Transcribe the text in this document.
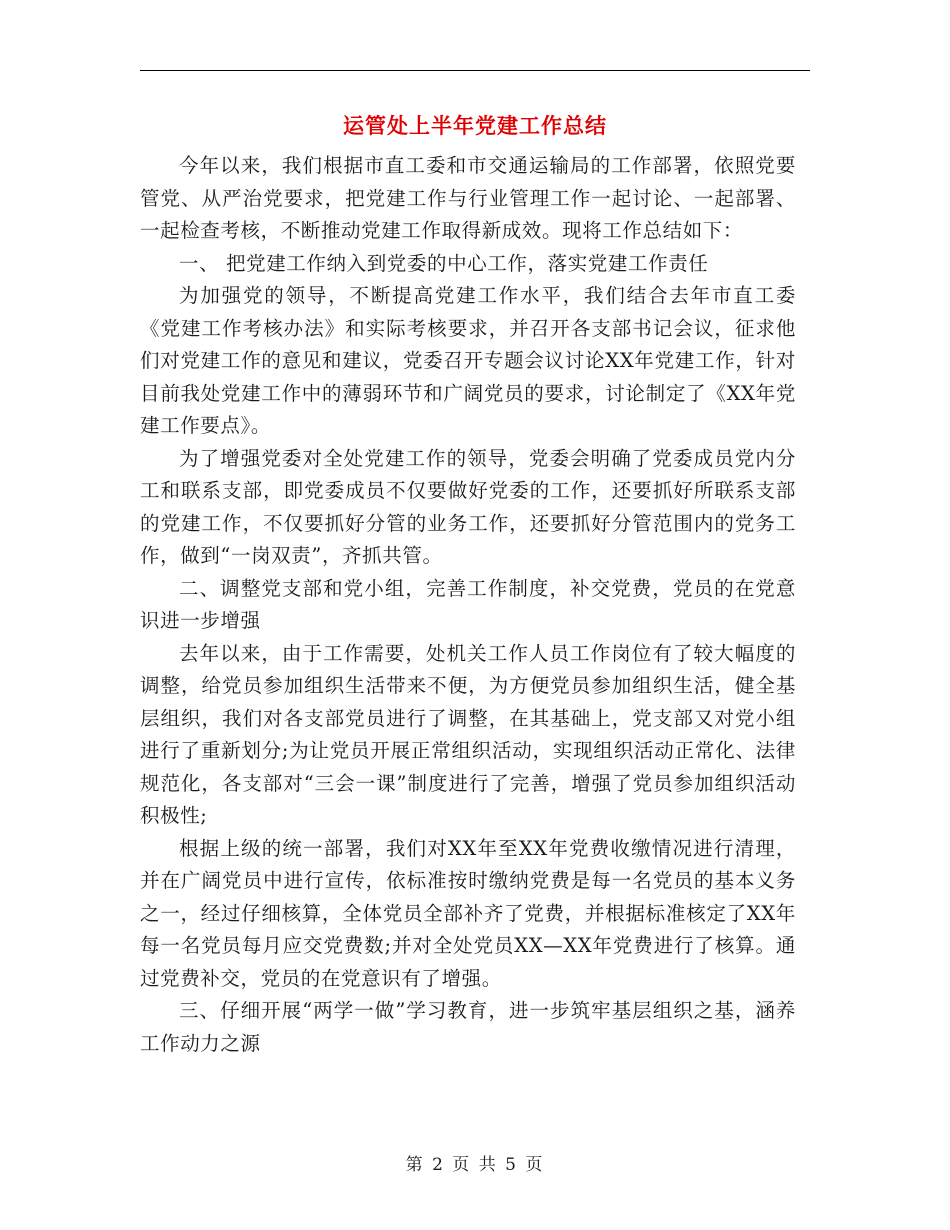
运管处上半年党建工作总结

今年以来，我们根据市直工委和市交通运输局的工作部署，依照党要管党、从严治党要求，把党建工作与行业管理工作一起讨论、一起部署、一起检查考核，不断推动党建工作取得新成效。现将工作总结如下：

一、 把党建工作纳入到党委的中心工作，落实党建工作责任

为加强党的领导，不断提高党建工作水平，我们结合去年市直工委《党建工作考核办法》和实际考核要求，并召开各支部书记会议，征求他们对党建工作的意见和建议，党委召开专题会议讨论XX年党建工作，针对目前我处党建工作中的薄弱环节和广阔党员的要求，讨论制定了《XX年党建工作要点》。

为了增强党委对全处党建工作的领导，党委会明确了党委成员党内分工和联系支部，即党委成员不仅要做好党委的工作，还要抓好所联系支部的党建工作，不仅要抓好分管的业务工作，还要抓好分管范围内的党务工作，做到“一岗双责”，齐抓共管。

二、调整党支部和党小组，完善工作制度，补交党费，党员的在党意识进一步增强

去年以来，由于工作需要，处机关工作人员工作岗位有了较大幅度的调整，给党员参加组织生活带来不便，为方便党员参加组织生活，健全基层组织，我们对各支部党员进行了调整，在其基础上，党支部又对党小组进行了重新划分;为让党员开展正常组织活动，实现组织活动正常化、法律规范化，各支部对“三会一课”制度进行了完善，增强了党员参加组织活动积极性;

根据上级的统一部署，我们对XX年至XX年党费收缴情况进行清理，并在广阔党员中进行宣传，依标准按时缴纳党费是每一名党员的基本义务之一，经过仔细核算，全体党员全部补齐了党费，并根据标准核定了XX年每一名党员每月应交党费数;并对全处党员XX—XX年党费进行了核算。通过党费补交，党员的在党意识有了增强。

三、仔细开展“两学一做”学习教育，进一步筑牢基层组织之基，涵养工作动力之源

第 2 页 共 5 页
